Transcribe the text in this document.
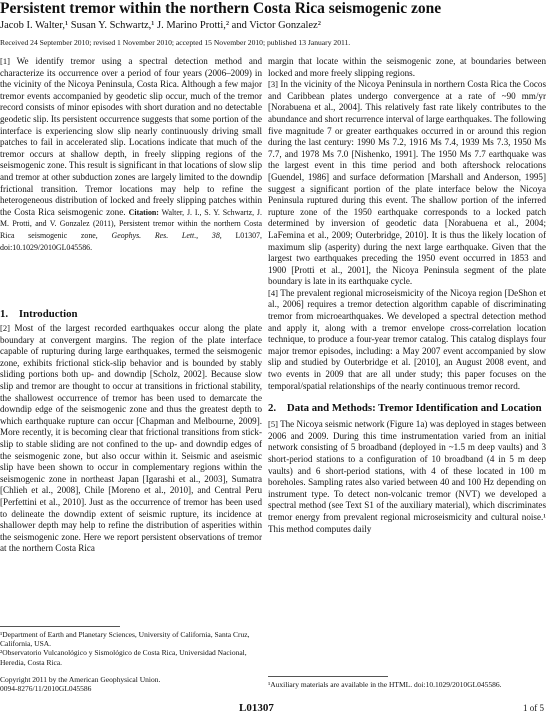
Persistent tremor within the northern Costa Rica seismogenic zone
Jacob I. Walter,¹ Susan Y. Schwartz,¹ J. Marino Protti,² and Victor Gonzalez²
Received 24 September 2010; revised 1 November 2010; accepted 15 November 2010; published 13 January 2011.

[1] We identify tremor using a spectral detection method and characterize its occurrence over a period of four years (2006–2009) in the vicinity of the Nicoya Peninsula, Costa Rica. Although a few major tremor events accompanied by geodetic slip occur, much of the tremor record consists of minor episodes with short duration and no detectable geodetic slip. Its persistent occurrence suggests that some portion of the interface is experiencing slow slip nearly continuously driving small patches to fail in accelerated slip. Locations indicate that much of the tremor occurs at shallow depth, in freely slipping regions of the seismogenic zone. This result is significant in that locations of slow slip and tremor at other subduction zones are largely limited to the downdip frictional transition. Tremor locations may help to refine the heterogeneous distribution of locked and freely slipping patches within the Costa Rica seismogenic zone. Citation: Walter, J. I., S. Y. Schwartz, J. M. Protti, and V. Gonzalez (2011), Persistent tremor within the northern Costa Rica seismogenic zone, Geophys. Res. Lett., 38, L01307, doi:10.1029/2010GL045586.

1. Introduction

[2] Most of the largest recorded earthquakes occur along the plate boundary at convergent margins. The region of the plate interface capable of rupturing during large earthquakes, termed the seismogenic zone, exhibits frictional stick-slip behavior and is bounded by stably sliding portions both up- and downdip [Scholz, 2002]. Because slow slip and tremor are thought to occur at transitions in frictional stability, the shallowest occurrence of tremor has been used to demarcate the downdip edge of the seismogenic zone and thus the greatest depth to which earthquake rupture can occur [Chapman and Melbourne, 2009]. More recently, it is becoming clear that frictional transitions from stick-slip to stable sliding are not confined to the up- and downdip edges of the seismogenic zone, but also occur within it. Seismic and aseismic slip have been shown to occur in complementary regions within the seismogenic zone in northeast Japan [Igarashi et al., 2003], Sumatra [Chlieh et al., 2008], Chile [Moreno et al., 2010], and Central Peru [Perfettini et al., 2010]. Just as the occurrence of tremor has been used to delineate the downdip extent of seismic rupture, its incidence at shallower depth may help to refine the distribution of asperities within the seismogenic zone. Here we report persistent observations of tremor at the northern Costa Rica

¹Department of Earth and Planetary Sciences, University of California, Santa Cruz, California, USA.

²Observatorio Vulcanológico y Sismológico de Costa Rica, Universidad Nacional, Heredia, Costa Rica.

Copyright 2011 by the American Geophysical Union.
0094-8276/11/2010GL045586

margin that locate within the seismogenic zone, at boundaries between locked and more freely slipping regions.

[3] In the vicinity of the Nicoya Peninsula in northern Costa Rica the Cocos and Caribbean plates undergo convergence at a rate of ~90 mm/yr [Norabuena et al., 2004]. This relatively fast rate likely contributes to the abundance and short recurrence interval of large earthquakes. The following five magnitude 7 or greater earthquakes occurred in or around this region during the last century: 1990 Ms 7.2, 1916 Ms 7.4, 1939 Ms 7.3, 1950 Ms 7.7, and 1978 Ms 7.0 [Nishenko, 1991]. The 1950 Ms 7.7 earthquake was the largest event in this time period and both aftershock relocations [Guendel, 1986] and surface deformation [Marshall and Anderson, 1995] suggest a significant portion of the plate interface below the Nicoya Peninsula ruptured during this event. The shallow portion of the inferred rupture zone of the 1950 earthquake corresponds to a locked patch determined by inversion of geodetic data [Norabuena et al., 2004; LaFemina et al., 2009; Outerbridge, 2010]. It is thus the likely location of maximum slip (asperity) during the next large earthquake. Given that the largest two earthquakes preceding the 1950 event occurred in 1853 and 1900 [Protti et al., 2001], the Nicoya Peninsula segment of the plate boundary is late in its earthquake cycle.

[4] The prevalent regional microseismicity of the Nicoya region [DeShon et al., 2006] requires a tremor detection algorithm capable of discriminating tremor from microearthquakes. We developed a spectral detection method and apply it, along with a tremor envelope cross-correlation location technique, to produce a four-year tremor catalog. This catalog displays four major tremor episodes, including: a May 2007 event accompanied by slow slip and studied by Outerbridge et al. [2010], an August 2008 event, and two events in 2009 that are all under study; this paper focuses on the temporal/spatial relationships of the nearly continuous tremor record.

2. Data and Methods: Tremor Identification and Location

[5] The Nicoya seismic network (Figure 1a) was deployed in stages between 2006 and 2009. During this time instrumentation varied from an initial network consisting of 5 broadband (deployed in ~1.5 m deep vaults) and 3 short-period stations to a configuration of 10 broadband (4 in 5 m deep vaults) and 6 short-period stations, with 4 of these located in 100 m boreholes. Sampling rates also varied between 40 and 100 Hz depending on instrument type. To detect non-volcanic tremor (NVT) we developed a spectral method (see Text S1 of the auxiliary material), which discriminates tremor energy from prevalent regional microseismicity and cultural noise.¹ This method computes daily

¹Auxiliary materials are available in the HTML. doi:10.1029/2010GL045586.

L01307	1 of 5
